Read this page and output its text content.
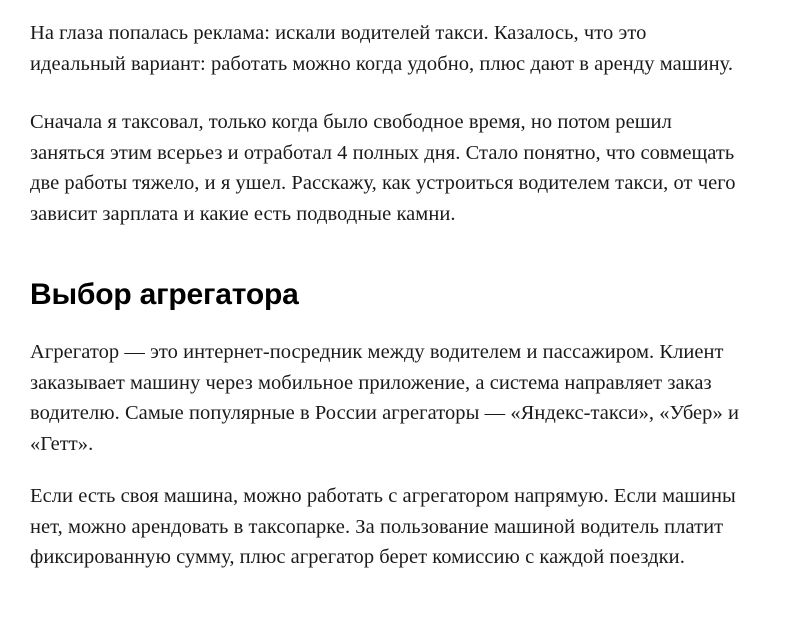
На глаза попалась реклама: искали водителей такси. Казалось, что это идеальный вариант: работать можно когда удобно, плюс дают в аренду машину.

Сначала я таксовал, только когда было свободное время, но потом решил заняться этим всерьез и отработал 4 полных дня. Стало понятно, что совмещать две работы тяжело, и я ушел. Расскажу, как устроиться водителем такси, от чего зависит зарплата и какие есть подводные камни.

Выбор агрегатора

Агрегатор — это интернет-посредник между водителем и пассажиром. Клиент заказывает машину через мобильное приложение, а система направляет заказ водителю. Самые популярные в России агрегаторы — «Яндекс-такси», «Убер» и «Гетт».

Если есть своя машина, можно работать с агрегатором напрямую. Если машины нет, можно арендовать в таксопарке. За пользование машиной водитель платит фиксированную сумму, плюс агрегатор берет комиссию с каждой поездки.
